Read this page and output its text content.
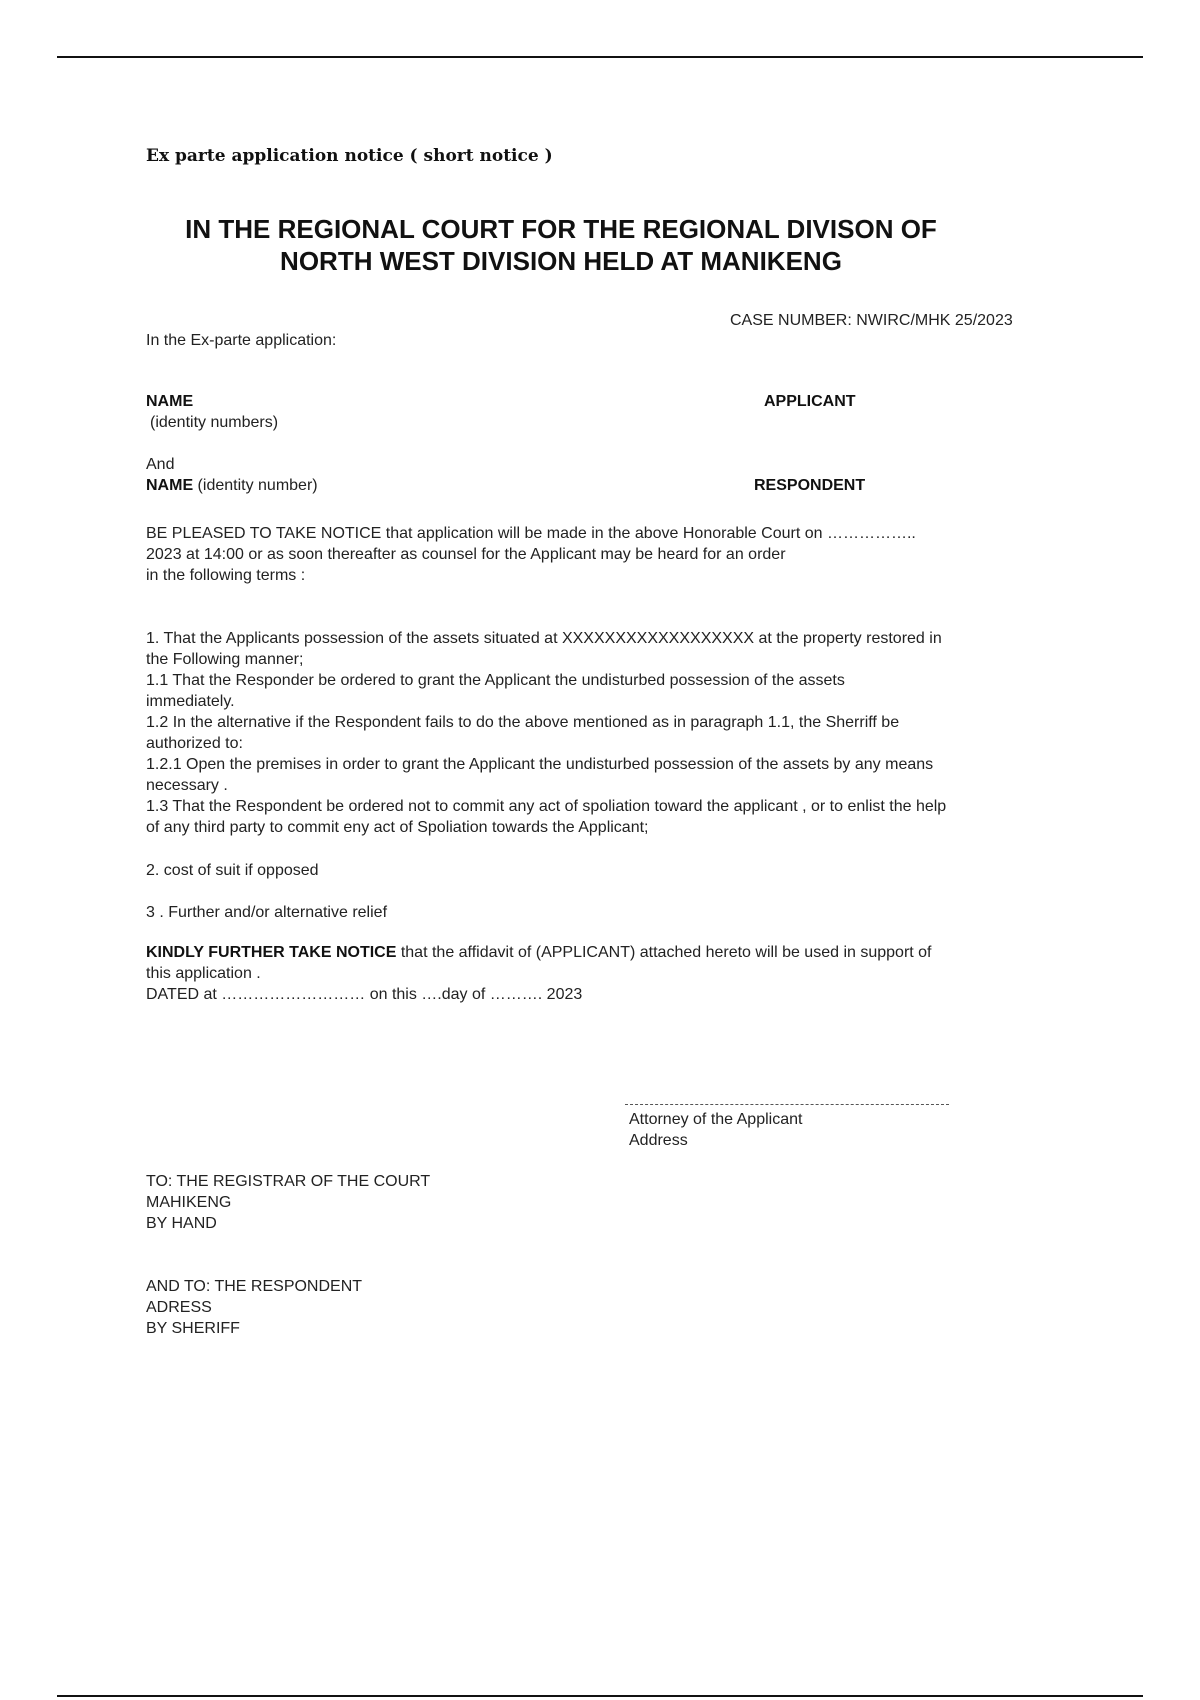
Ex parte application notice ( short notice )
IN THE REGIONAL COURT FOR THE REGIONAL DIVISON OF
NORTH WEST DIVISION HELD AT MANIKENG
CASE NUMBER: NWIRC/MHK 25/2023
In the Ex-parte application:
NAME
(identity numbers)
APPLICANT
And
NAME (identity number)	RESPONDENT
BE PLEASED TO TAKE NOTICE that application will be made in the above Honorable Court on ……………..
2023 at 14:00 or as soon thereafter as counsel for the Applicant may be heard for an order
in the following terms :
1. That the Applicants possession of the assets situated at XXXXXXXXXXXXXXXXXX at the property restored in
the Following manner;
1.1 That the Responder be ordered to grant the Applicant the undisturbed possession of the assets
immediately.
1.2 In the alternative if the Respondent fails to do the above mentioned as in paragraph 1.1, the Sherriff be
authorized to:
1.2.1 Open the premises in order to grant the Applicant the undisturbed possession of the assets by any means
necessary .
1.3 That the Respondent be ordered not to commit any act of spoliation toward the applicant , or to enlist the help
of any third party to commit eny act of Spoliation towards the Applicant;
2. cost of suit if opposed
3 . Further and/or alternative relief
KINDLY FURTHER TAKE NOTICE that the affidavit of (APPLICANT) attached hereto will be used in support of
this application .
DATED at ……………………… on this ….day of ………. 2023
Attorney of the Applicant
Address
TO: THE REGISTRAR OF THE COURT
MAHIKENG
BY HAND
AND TO: THE RESPONDENT
ADRESS
BY SHERIFF
